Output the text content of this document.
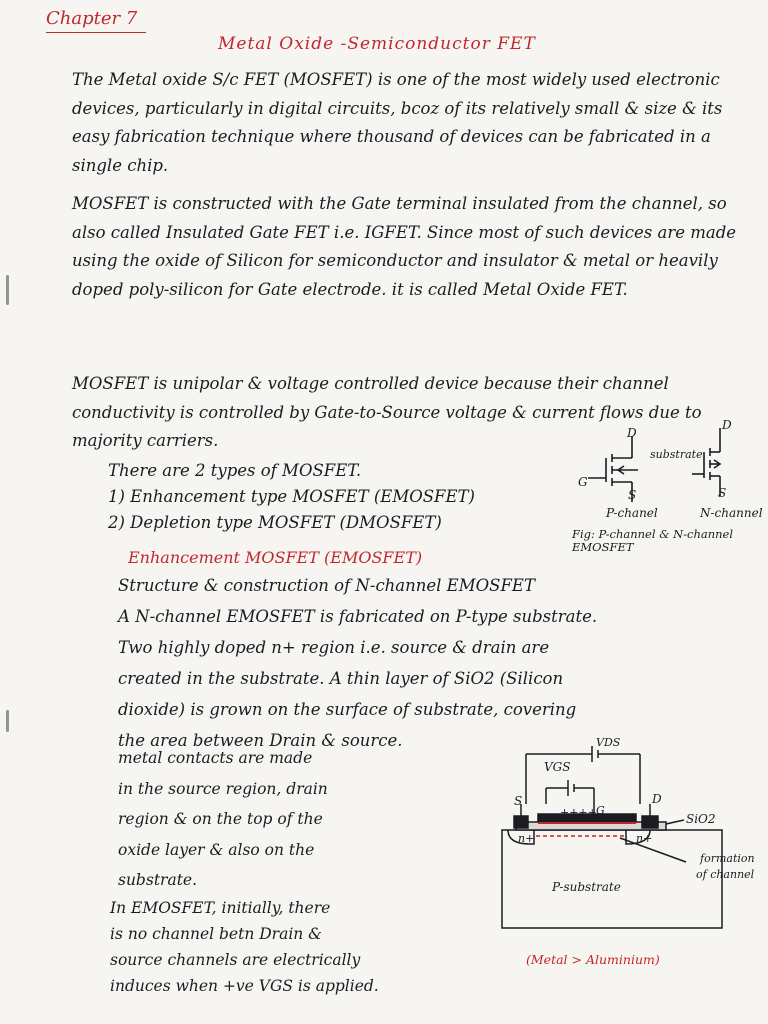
Chapter 7
Metal Oxide -Semiconductor FET

The Metal oxide S/c FET (MOSFET) is one of the most widely used electronic devices, particularly in digital circuits, bcoz of its relatively small & size & its easy fabrication technique where thousand of devices can be fabricated in a single chip.

MOSFET is constructed with the Gate terminal insulated from the channel, so also called Insulated Gate FET i.e. IGFET. Since most of such devices are made using the oxide of Silicon for semiconductor and insulator & metal or heavily doped poly-silicon for Gate electrode. it is called Metal Oxide FET.

MOSFET is unipolar & voltage controlled device because their channel conductivity is controlled by Gate-to-Source voltage & current flows due to majority carriers.

There are 2 types of MOSFET.

1) Enhancement type MOSFET (EMOSFET)

2) Depletion type MOSFET (DMOSFET)

D
G
S
substrate
P-chanel
D
S
N-channel
Fig: P-channel & N-channel EMOSFET
Enhancement MOSFET (EMOSFET)

Structure & construction of N-channel EMOSFET

A N-channel EMOSFET is fabricated on P-type substrate.

Two highly doped n+ region i.e. source & drain are

created in the substrate. A thin layer of SiO2 (Silicon

dioxide) is grown on the surface of substrate, covering

the area between Drain & source.

metal contacts are made

in the source region, drain

region & on the top of the

oxide layer & also on the

substrate.

In EMOSFET, initially, there

is no channel betn Drain &

source channels are electrically

induces when +ve VGS is applied.

VDS
VGS
S	D
G
++++	SiO2
n+	n+
P-substrate
formation
of channel
(Metal > Aluminium)
